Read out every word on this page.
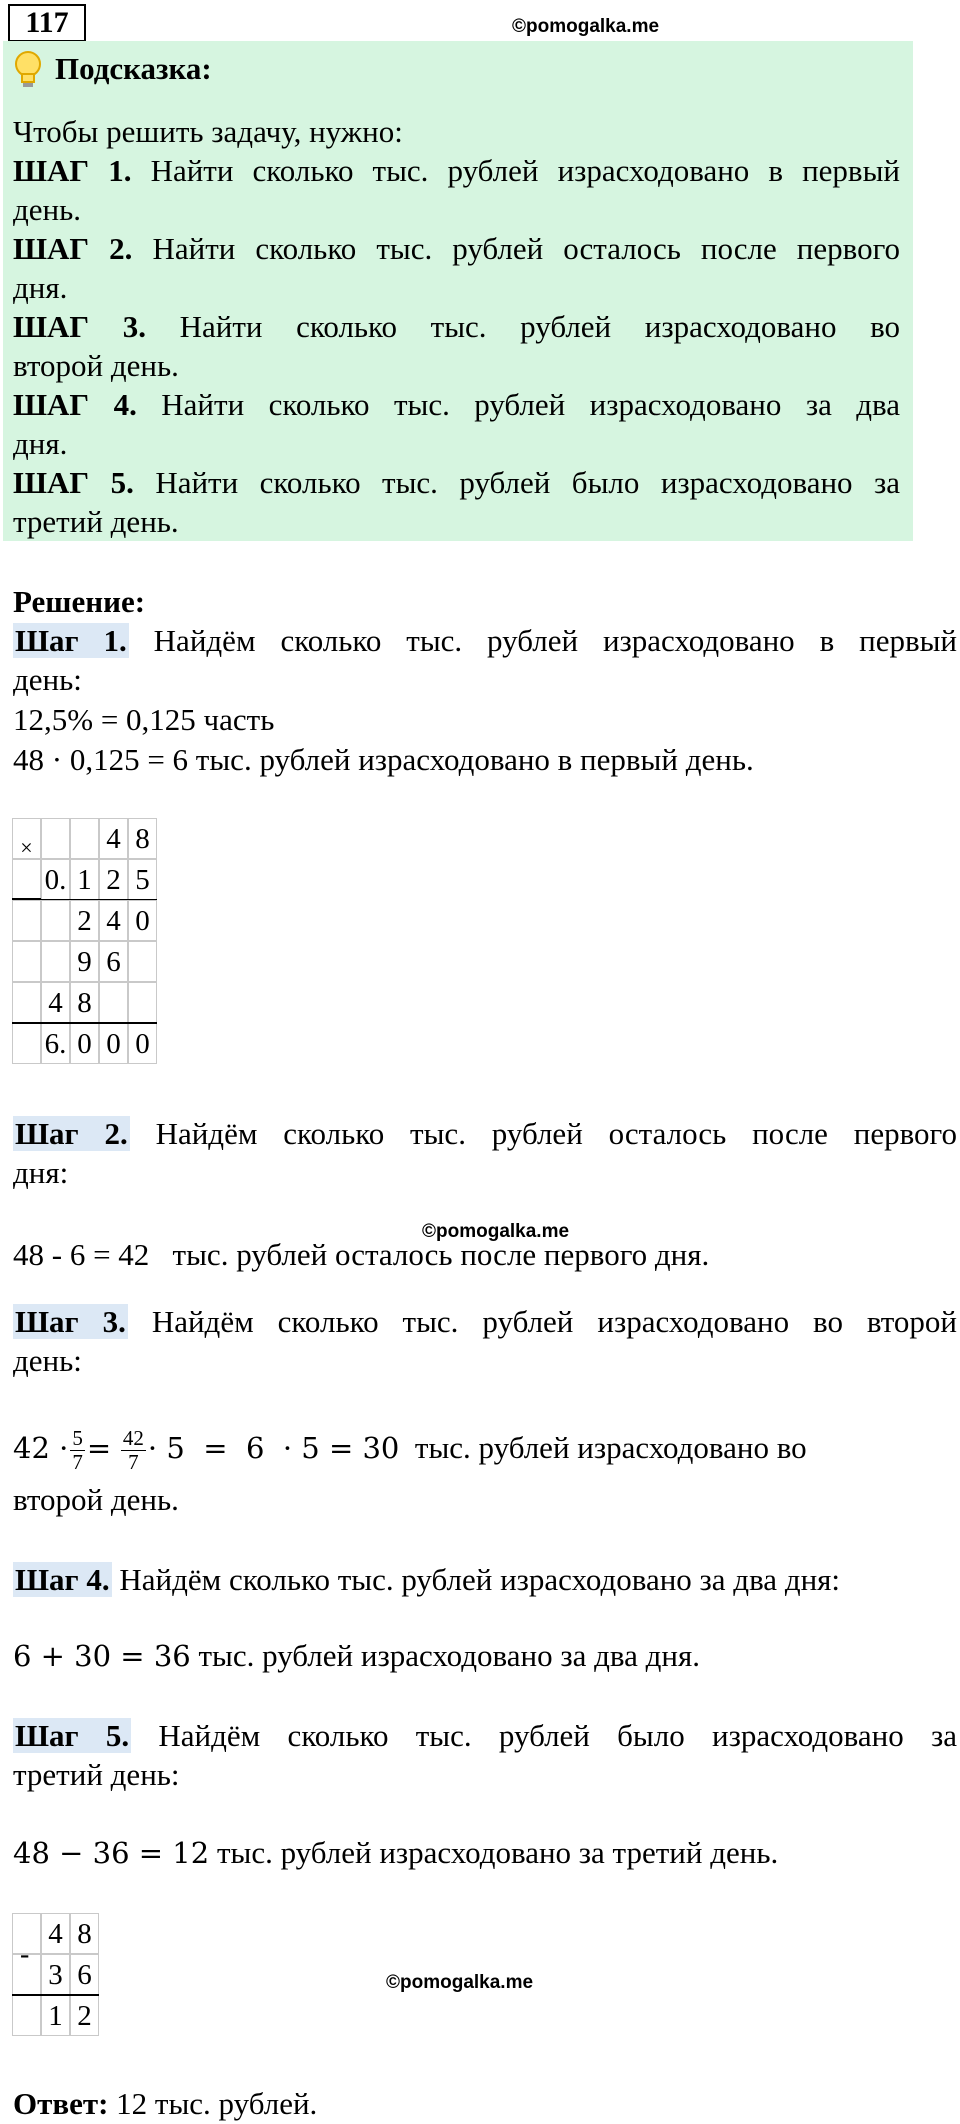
117	©pomogalka.me
Подсказка:
Чтобы решить задачу, нужно:
ШАГ 1. Найти сколько тыс. рублей израсходовано в первый
день.
ШАГ 2. Найти сколько тыс. рублей осталось после первого
дня.
ШАГ 3. Найти сколько тыс. рублей израсходовано во
второй день.
ШАГ 4. Найти сколько тыс. рублей израсходовано за два
дня.
ШАГ 5. Найти сколько тыс. рублей было израсходовано за
третий день.
Решение:
Шаг 1. Найдём сколько тыс. рублей израсходовано в первый
день:
12,5% = 0,125 часть
48 · 0,125 = 6 тыс. рублей израсходовано в первый день.
×	4 8
0. 1 2 5
2 4 0
9 6
4 8
6. 0 0 0
Шаг 2. Найдём сколько тыс. рублей осталось после первого
дня:
©pomogalka.me
48 - 6 = 42   тыс. рублей осталось после первого дня.
Шаг 3. Найдём сколько тыс. рублей израсходовано во второй
день:
$42 \cdot \frac{5}{7} = \frac{42}{7} \cdot 5 = 6 \cdot 5 = 30$ тыс. рублей израсходовано во
второй день.
Шаг 4. Найдём сколько тыс. рублей израсходовано за два дня:
6 + 30 = 36 тыс. рублей израсходовано за два дня.
Шаг 5. Найдём сколько тыс. рублей было израсходовано за
третий день:
48 − 36 = 12 тыс. рублей израсходовано за третий день.
4 8
3 6
1 2
-
©pomogalka.me
Ответ: 12 тыс. рублей.
